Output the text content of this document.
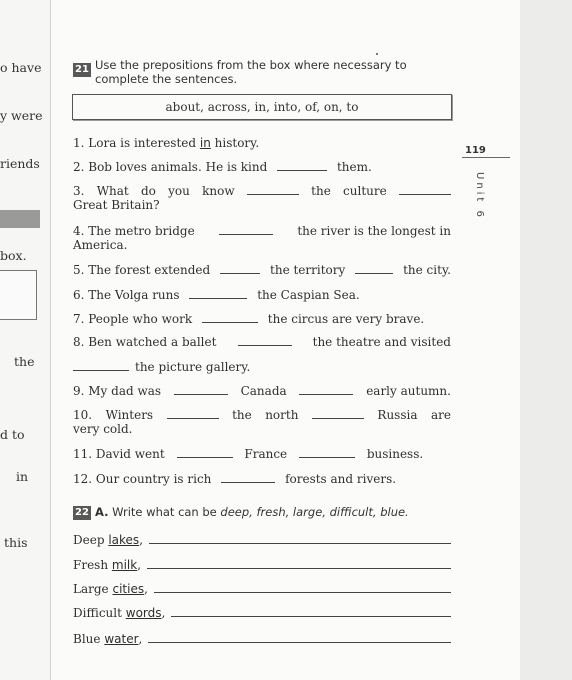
o have
y were
riends
box.
the
d to
in
this
119
Unit 6
21 Use the prepositions from the box where necessary to complete the sentences.
about, across, in, into, of, on, to
1. Lora is interested in history.
2. Bob loves animals. He is kind	them.
3. What do you know	the culture
Great Britain?
4. The metro bridge	the river is the longest in
America.
5. The forest extended	the territory	the city.
6. The Volga runs	the Caspian Sea.
7. People who work	the circus are very brave.
8. Ben watched a ballet	the theatre and visited
the picture gallery.
9. My dad was	Canada	early autumn.
10. Winters	the north	Russia are
very cold.
11. David went	France	business.
12. Our country is rich	forests and rivers.
22 A. Write what can be deep, fresh, large, difficult, blue.
Deep
lakes ,
Fresh
milk ,
Large
cities ,
Difficult
words ,
Blue
water ,
